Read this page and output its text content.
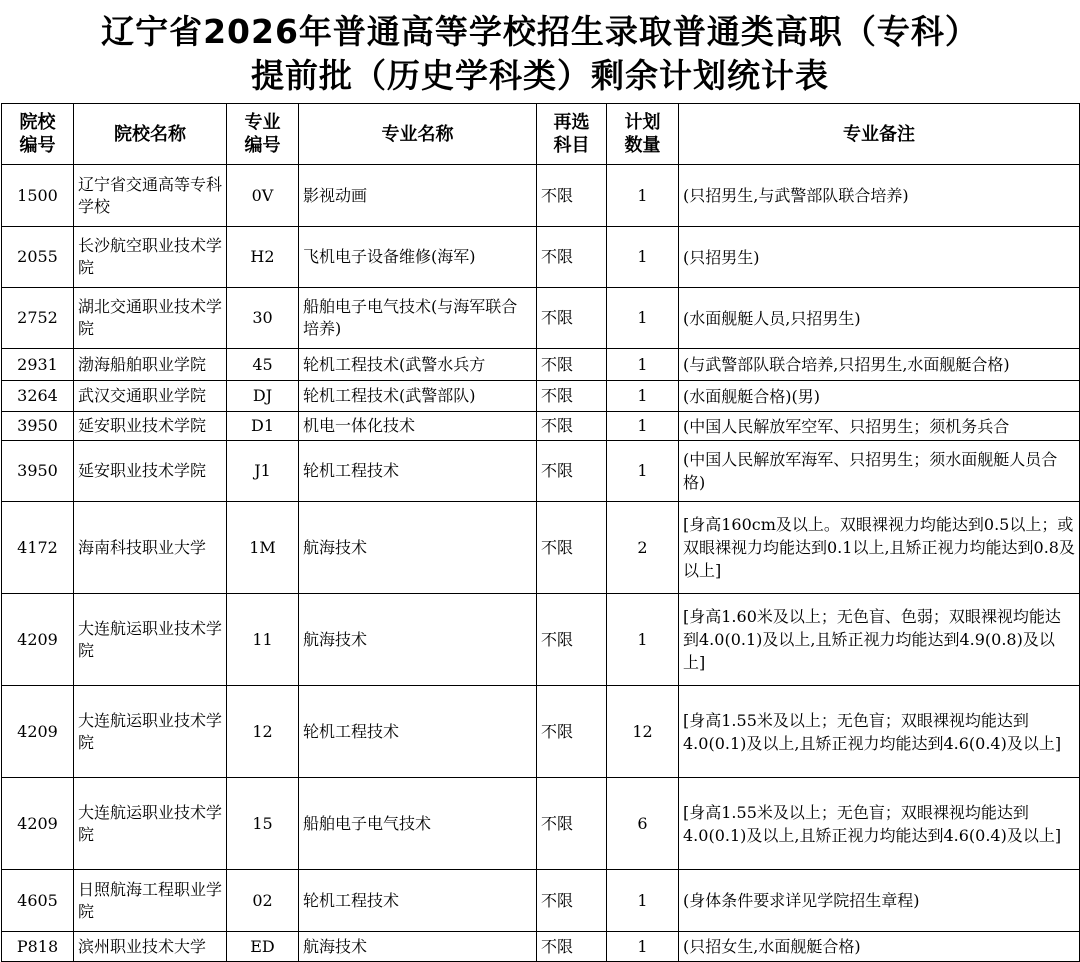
辽宁省2026年普通高等学校招生录取普通类高职（专科）
提前批（历史学科类）剩余计划统计表
院校编号	院校名称	专业编号	专业名称	再选科目	计划数量	专业备注
1500	辽宁省交通高等专科学校	0V	影视动画	不限	1	(只招男生,与武警部队联合培养)
2055	长沙航空职业技术学院	H2	飞机电子设备维修(海军)	不限	1	(只招男生)
2752	湖北交通职业技术学院	30	船舶电子电气技术(与海军联合培养)	不限	1	(水面舰艇人员,只招男生)
2931	渤海船舶职业学院	45	轮机工程技术(武警水兵方	不限	1	(与武警部队联合培养,只招男生,水面舰艇合格)
3264	武汉交通职业学院	DJ	轮机工程技术(武警部队)	不限	1	(水面舰艇合格)(男)
3950	延安职业技术学院	D1	机电一体化技术	不限	1	(中国人民解放军空军、只招男生；须机务兵合
3950	延安职业技术学院	J1	轮机工程技术	不限	1	(中国人民解放军海军、只招男生；须水面舰艇人员合格)
4172	海南科技职业大学	1M	航海技术	不限	2	[身高160cm及以上。双眼裸视力均能达到0.5以上；或双眼裸视力均能达到0.1以上,且矫正视力均能达到0.8及以上]
4209	大连航运职业技术学院	11	航海技术	不限	1	[身高1.60米及以上；无色盲、色弱；双眼裸视均能达到4.0(0.1)及以上,且矫正视力均能达到4.9(0.8)及以上]
4209	大连航运职业技术学院	12	轮机工程技术	不限	12	[身高1.55米及以上；无色盲；双眼裸视均能达到4.0(0.1)及以上,且矫正视力均能达到4.6(0.4)及以上]
4209	大连航运职业技术学院	15	船舶电子电气技术	不限	6	[身高1.55米及以上；无色盲；双眼裸视均能达到4.0(0.1)及以上,且矫正视力均能达到4.6(0.4)及以上]
4605	日照航海工程职业学院	02	轮机工程技术	不限	1	(身体条件要求详见学院招生章程)
P818	滨州职业技术大学	ED	航海技术	不限	1	(只招女生,水面舰艇合格)
